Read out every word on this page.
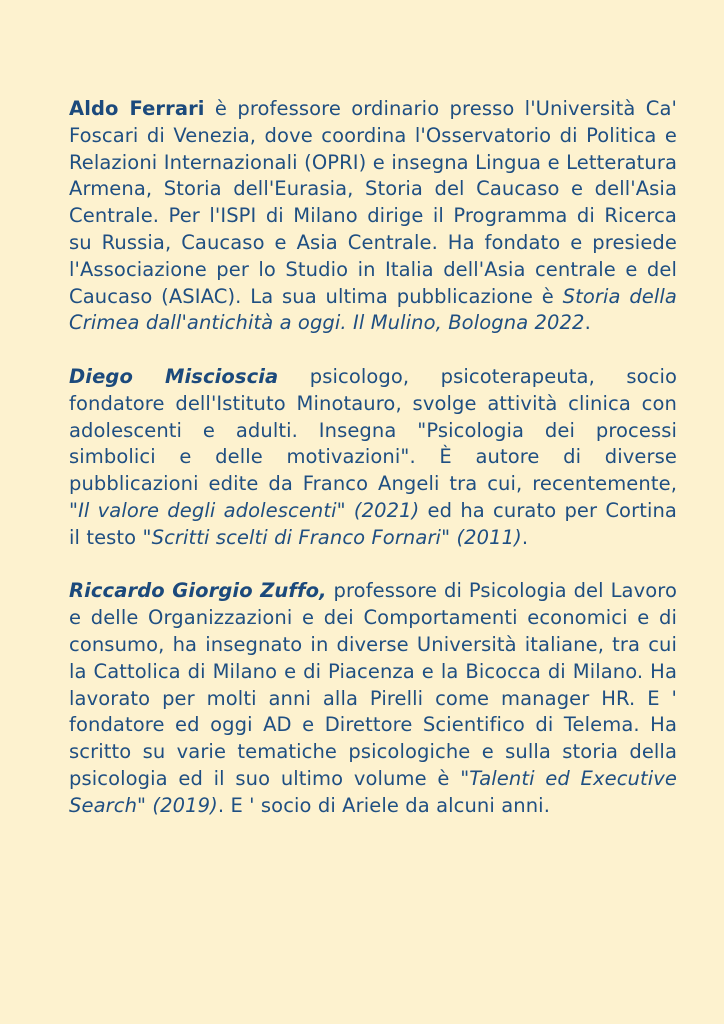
Aldo Ferrari è professore ordinario presso l'Università Ca' Foscari di Venezia, dove coordina l'Osservatorio di Politica e Relazioni Internazionali (OPRI) e insegna Lingua e Letteratura Armena, Storia dell'Eurasia, Storia del Caucaso e dell'Asia Centrale. Per l'ISPI di Milano dirige il Programma di Ricerca su Russia, Caucaso e Asia Centrale. Ha fondato e presiede l'Associazione per lo Studio in Italia dell'Asia centrale e del Caucaso (ASIAC). La sua ultima pubblicazione è Storia della Crimea dall'antichità a oggi. Il Mulino, Bologna 2022.

Diego Miscioscia psicologo, psicoterapeuta, socio fondatore dell'Istituto Minotauro, svolge attività clinica con adolescenti e adulti. Insegna "Psicologia dei processi simbolici e delle motivazioni". È autore di diverse pubblicazioni edite da Franco Angeli tra cui, recentemente, "Il valore degli adolescenti" (2021) ed ha curato per Cortina il testo "Scritti scelti di Franco Fornari" (2011).

Riccardo Giorgio Zuffo, professore di Psicologia del Lavoro e delle Organizzazioni e dei Comportamenti economici e di consumo, ha insegnato in diverse Università italiane, tra cui la Cattolica di Milano e di Piacenza e la Bicocca di Milano. Ha lavorato per molti anni alla Pirelli come manager HR. E ' fondatore ed oggi AD e Direttore Scientifico di Telema. Ha scritto su varie tematiche psicologiche e sulla storia della psicologia ed il suo ultimo volume è "Talenti ed Executive Search" (2019). E ' socio di Ariele da alcuni anni.
